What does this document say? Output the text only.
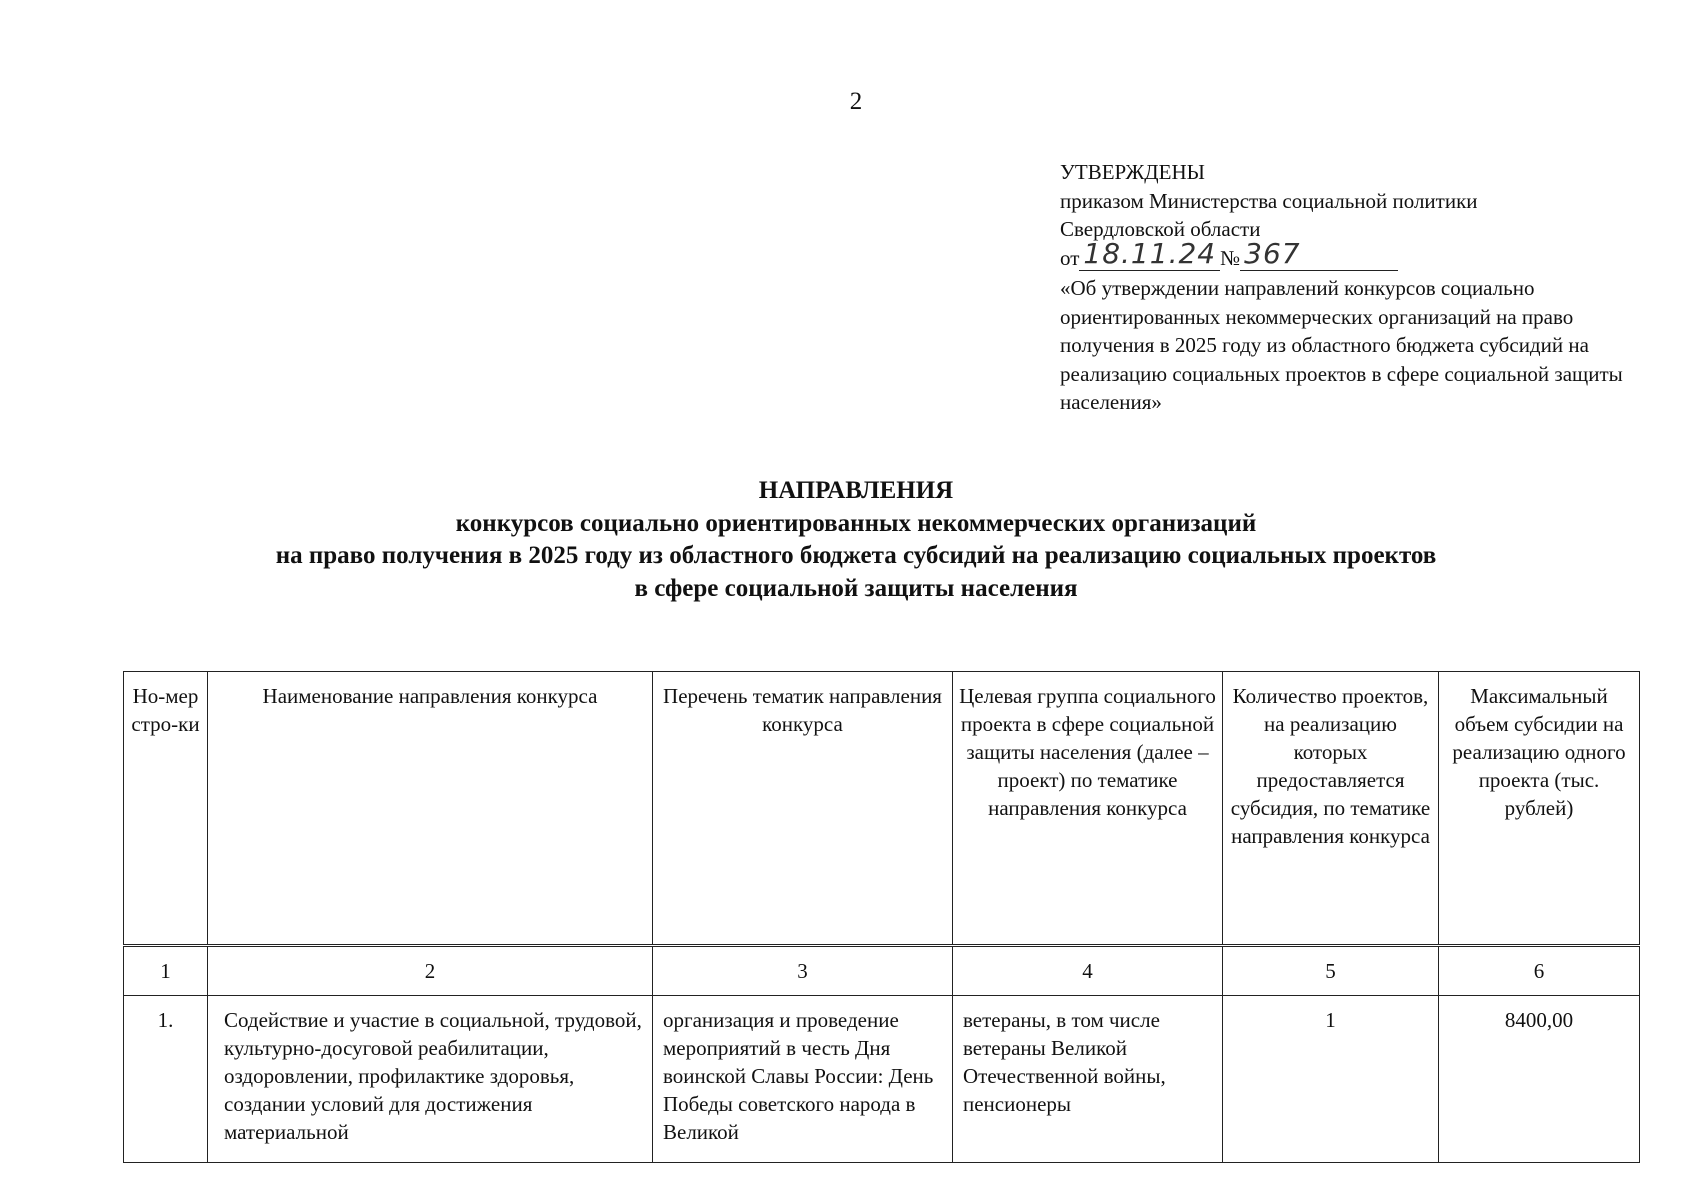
2
УТВЕРЖДЕНЫ
приказом Министерства социальной политики
Свердловской области
от 18.11.24 № 367
«Об утверждении направлений конкурсов социально ориентированных некоммерческих организаций на право получения в 2025 году из областного бюджета субсидий на реализацию социальных проектов в сфере социальной защиты населения»
НАПРАВЛЕНИЯ
конкурсов социально ориентированных некоммерческих организаций
на право получения в 2025 году из областного бюджета субсидий на реализацию социальных проектов
в сфере социальной защиты населения
Но-мер стро-ки	Наименование направления конкурса	Перечень тематик направления конкурса	Целевая группа социального проекта в сфере социальной защиты населения (далее – проект) по тематике направления конкурса	Количество проектов, на реализацию которых предоставляется субсидия, по тематике направления конкурса	Максимальный объем субсидии на реализацию одного проекта (тыс. рублей)
1	2	3	4	5	6
1.	Содействие и участие в социальной, трудовой, культурно-досуговой реабилитации, оздоровлении, профилактике здоровья, создании условий для достижения материальной	организация и проведение мероприятий в честь Дня воинской Славы России: День Победы советского народа в Великой	ветераны, в том числе ветераны Великой Отечественной войны, пенсионеры	1	8400,00
